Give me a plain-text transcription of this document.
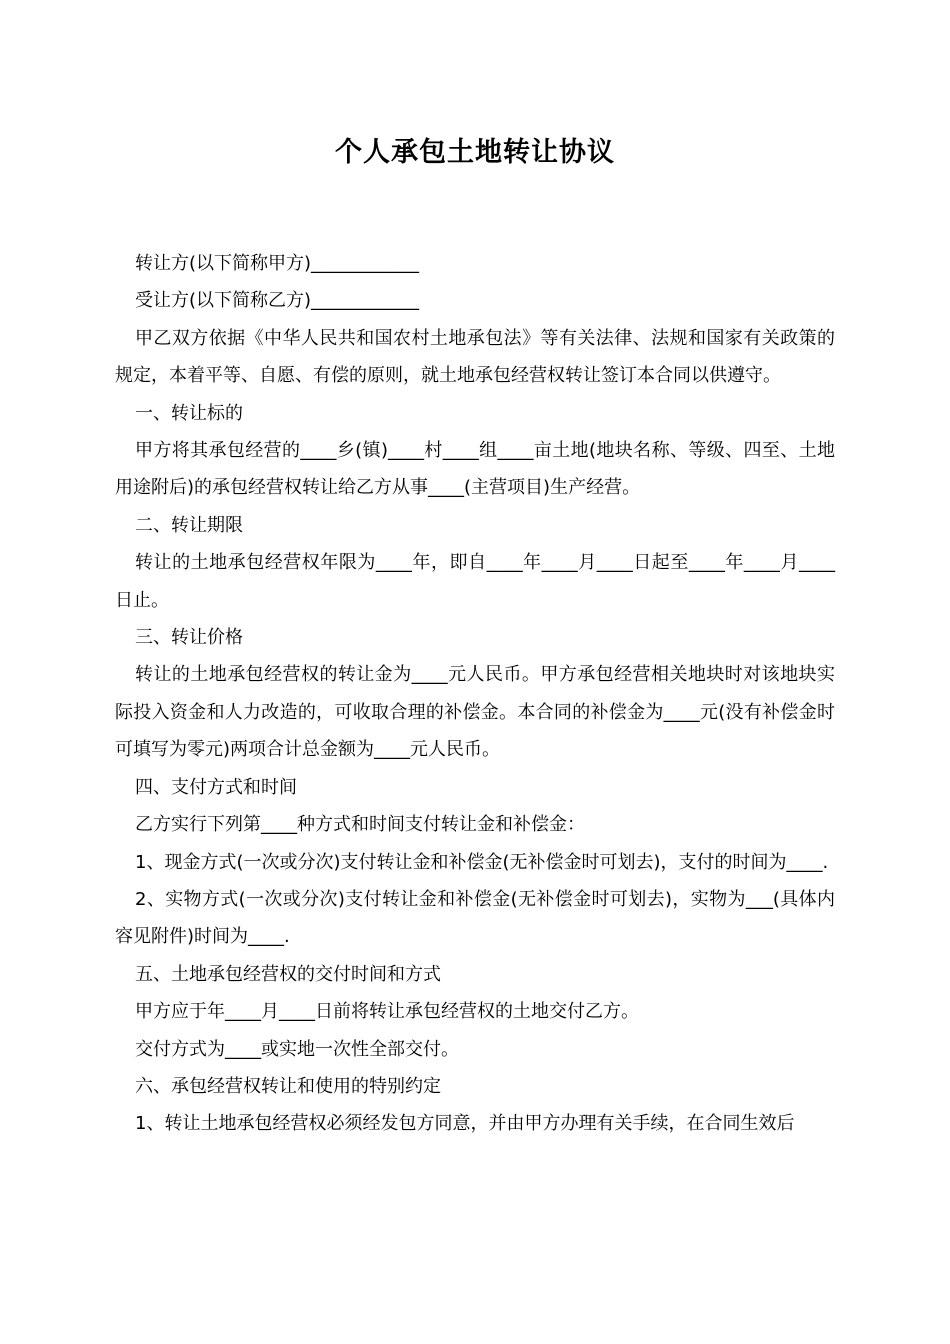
个人承包土地转让协议

转让方(以下简称甲方)____________

受让方(以下简称乙方)____________

甲乙双方依据《中华人民共和国农村土地承包法》等有关法律、法规和国家有关政策的规定，本着平等、自愿、有偿的原则，就土地承包经营权转让签订本合同以供遵守。

一、转让标的

甲方将其承包经营的____乡(镇)____村____组____亩土地(地块名称、等级、四至、土地用途附后)的承包经营权转让给乙方从事____(主营项目)生产经营。

二、转让期限

转让的土地承包经营权年限为____年，即自____年____月____日起至____年____月____日止。

三、转让价格

转让的土地承包经营权的转让金为____元人民币。甲方承包经营相关地块时对该地块实际投入资金和人力改造的，可收取合理的补偿金。本合同的补偿金为____元(没有补偿金时可填写为零元)两项合计总金额为____元人民币。

四、支付方式和时间

乙方实行下列第____种方式和时间支付转让金和补偿金：

1、现金方式(一次或分次)支付转让金和补偿金(无补偿金时可划去)，支付的时间为____.

2、实物方式(一次或分次)支付转让金和补偿金(无补偿金时可划去)，实物为___(具体内容见附件)时间为____.

五、土地承包经营权的交付时间和方式

甲方应于年____月____日前将转让承包经营权的土地交付乙方。

交付方式为____或实地一次性全部交付。

六、承包经营权转让和使用的特别约定

1、转让土地承包经营权必须经发包方同意，并由甲方办理有关手续，在合同生效后
